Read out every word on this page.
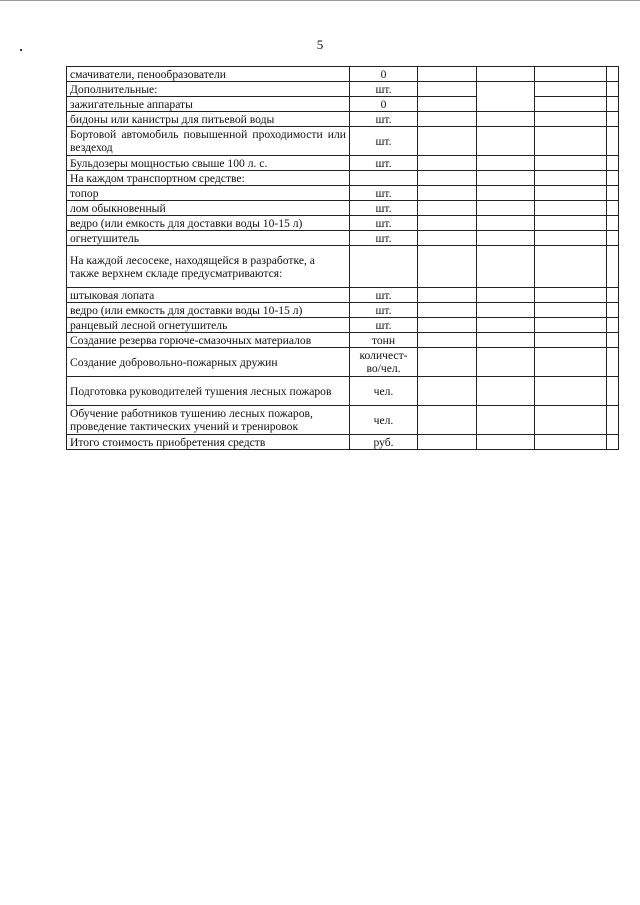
5
смачиватели, пенообразователи	0				
Дополнительные:	шт.				
зажигательные аппараты	0				
бидоны или канистры для питьевой воды	шт.				
Бортовой автомобиль повышенной проходимости или вездеход	шт.				
Бульдозеры мощностью свыше 100 л. с.	шт.				
На каждом транспортном средстве:					
топор	шт.				
лом обыкновенный	шт.				
ведро (или емкость для доставки воды 10-15 л)	шт.				
огнетушитель	шт.				
На каждой лесосеке, находящейся в разработке, а также верхнем складе предусматриваются:					
штыковая лопата	шт.				
ведро (или емкость для доставки воды 10-15 л)	шт.				
ранцевый лесной огнетушитель	шт.				
Создание резерва горюче-смазочных материалов	тонн				
Создание добровольно-пожарных дружин	количест-во/чел.				
Подготовка руководителей тушения лесных пожаров	чел.				
Обучение работников тушению лесных пожаров, проведение тактических учений и тренировок	чел.				
Итого стоимость приобретения средств	руб.				
